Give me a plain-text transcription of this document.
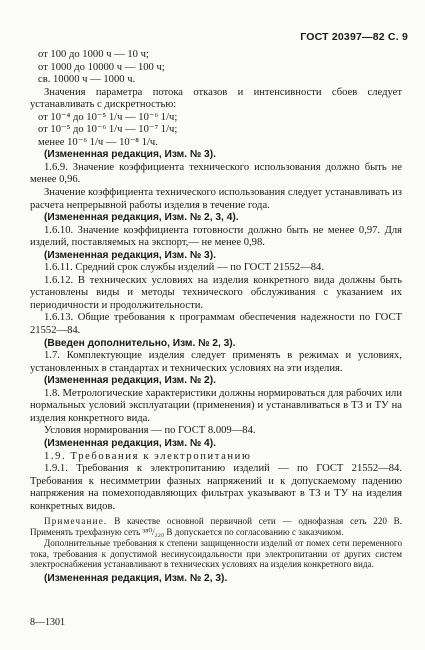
ГОСТ 20397—82 С. 9

от 100 до 1000 ч — 10 ч;

от 1000 до 10000 ч — 100 ч;

св. 10000 ч — 1000 ч.

Значения параметра потока отказов и интенсивности сбоев следует устанавливать с дискретностью:

от 10⁻⁴ до 10⁻⁵ 1/ч — 10⁻⁶ 1/ч;

от 10⁻⁵ до 10⁻⁶ 1/ч — 10⁻⁷ 1/ч;

менее 10⁻⁶ 1/ч — 10⁻⁸ 1/ч.

(Измененная редакция, Изм. № 3).

1.6.9. Значение коэффициента технического использования должно быть не менее 0,96.

Значение коэффициента технического использования следует устанавливать из расчета непрерывной работы изделия в течение года.

(Измененная редакция, Изм. № 2, 3, 4).

1.6.10. Значение коэффициента готовности должно быть не менее 0,97. Для изделий, поставляемых на экспорт,— не менее 0,98.

(Измененная редакция, Изм. № 3).

1.6.11. Средний срок службы изделий — по ГОСТ 21552—84.

1.6.12. В технических условиях на изделия конкретного вида должны быть установлены виды и методы технического обслуживания с указанием их периодичности и продолжительности.

1.6.13. Общие требования к программам обеспечения надежности по ГОСТ 21552—84.

(Введен дополнительно, Изм. № 2, 3).

1.7. Комплектующие изделия следует применять в режимах и условиях, установленных в стандартах и технических условиях на эти изделия.

(Измененная редакция, Изм. № 2).

1.8. Метрологические характеристики должны нормироваться для рабочих или нормальных условий эксплуатации (применения) и устанавливаться в ТЗ и ТУ на изделия конкретного вида.

Условия нормирования — по ГОСТ 8.009—84.

(Измененная редакция, Изм. № 4).

1.9. Требования к электропитанию

1.9.1. Требования к электропитанию изделий — по ГОСТ 21552—84. Требования к несимметрии фазных напряжений и к допускаемому падению напряжения на помехоподавляющих фильтрах указывают в ТЗ и ТУ на изделия конкретных видов.

Примечание. В качестве основной первичной сети — однофазная сеть 220 В. Применять трехфазную сеть ³⁸⁰/₂₂₀ В допускается по согласованию с заказчиком.

Дополнительные требования к степени защищенности изделий от помех сети переменного тока, требования к допустимой несинусоидальности при электропитании от других систем электроснабжения устанавливают в технических условиях на изделия конкретного вида.

(Измененная редакция, Изм. № 2, 3).

8—1301
